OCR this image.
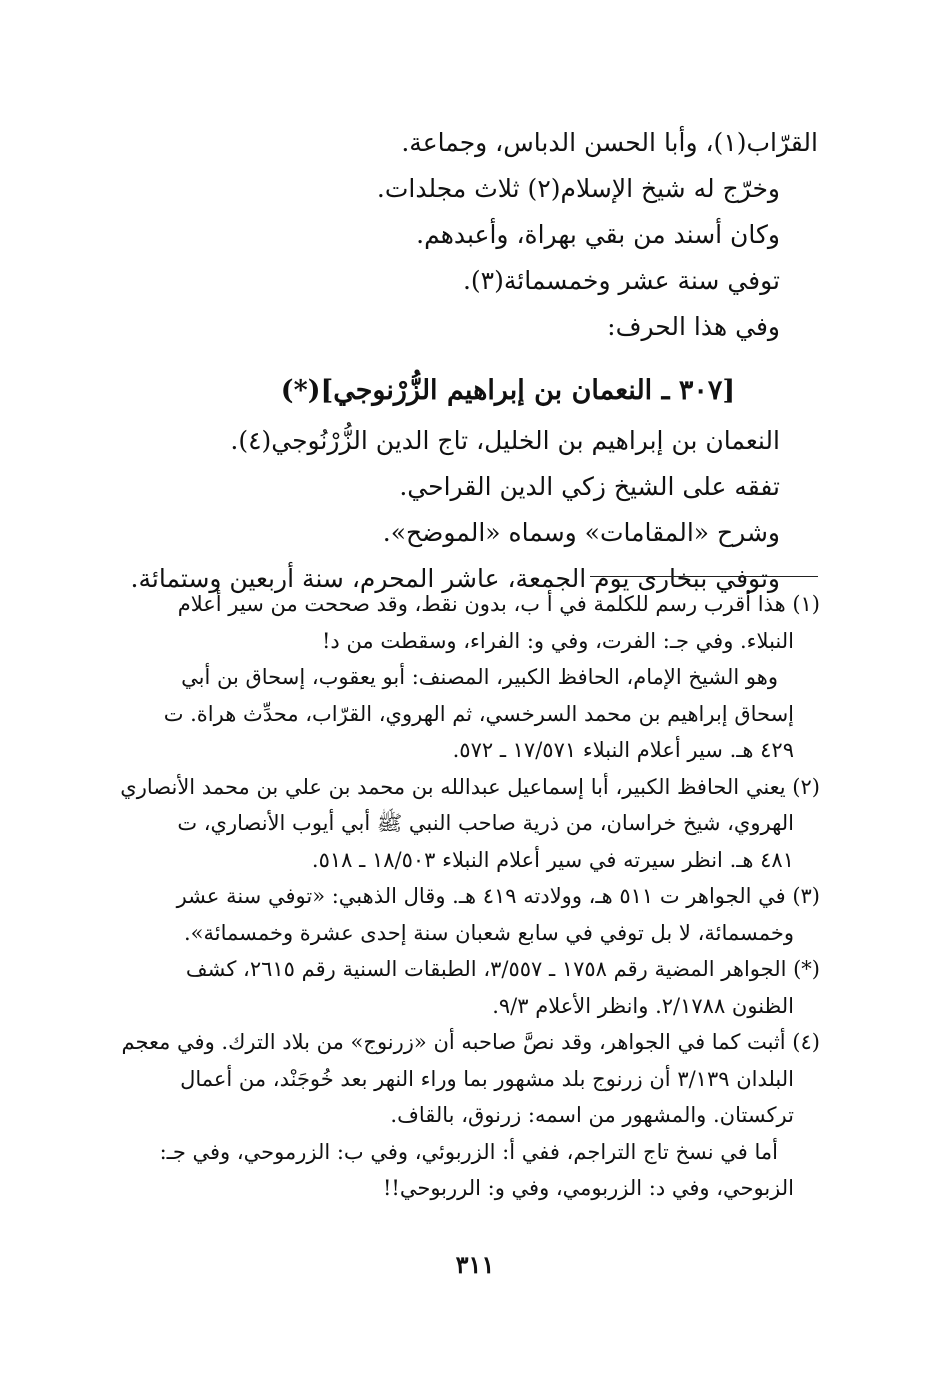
القرّاب(١)، وأبا الحسن الدباس، وجماعة.
وخرّج له شيخ الإسلام(٢) ثلاث مجلدات.
وكان أسند من بقي بهراة، وأعبدهم.
توفي سنة عشر وخمسمائة(٣).
وفي هذا الحرف:
[٣٠٧ ـ النعمان بن إبراهيم الزُّرْنوجي](*)
النعمان بن إبراهيم بن الخليل، تاج الدين الزُّرْنُوجي(٤).
تفقه على الشيخ زكي الدين القراحي.
وشرح «المقامات» وسماه «الموضح».
وتوفي ببخارى يوم الجمعة، عاشر المحرم، سنة أربعين وستمائة.
(١) هذا أقرب رسم للكلمة في أ ب، بدون نقط، وقد صححت من سير أعلام
النبلاء. وفي جـ: الفرت، وفي و: الفراء، وسقطت من د!
وهو الشيخ الإمام، الحافظ الكبير، المصنف: أبو يعقوب، إسحاق بن أبي
إسحاق إبراهيم بن محمد السرخسي، ثم الهروي، القرّاب، محدِّث هراة. ت
٤٢٩ هـ. سير أعلام النبلاء ١٧/٥٧١ ـ ٥٧٢.
(٢) يعني الحافظ الكبير، أبا إسماعيل عبدالله بن محمد بن علي بن محمد الأنصاري
الهروي، شيخ خراسان، من ذرية صاحب النبي ﷺ أبي أيوب الأنصاري، ت
٤٨١ هـ. انظر سيرته في سير أعلام النبلاء ١٨/٥٠٣ ـ ٥١٨.
(٣) في الجواهر ت ٥١١ هـ، وولادته ٤١٩ هـ. وقال الذهبي: «توفي سنة عشر
وخمسمائة، لا بل توفي في سابع شعبان سنة إحدى عشرة وخمسمائة».
(*) الجواهر المضية رقم ١٧٥٨ ـ ٣/٥٥٧، الطبقات السنية رقم ٢٦١٥، كشف
الظنون ٢/١٧٨٨. وانظر الأعلام ٩/٣.
(٤) أثبت كما في الجواهر، وقد نصَّ صاحبه أن «زرنوج» من بلاد الترك. وفي معجم
البلدان ٣/١٣٩ أن زرنوج بلد مشهور بما وراء النهر بعد خُوجَنْد، من أعمال
تركستان. والمشهور من اسمه: زرنوق، بالقاف.
أما في نسخ تاج التراجم، ففي أ: الزربوئي، وفي ب: الزرموحي، وفي جـ:
الزبوحي، وفي د: الزربومي، وفي و: الرربوحي!!
٣١١
